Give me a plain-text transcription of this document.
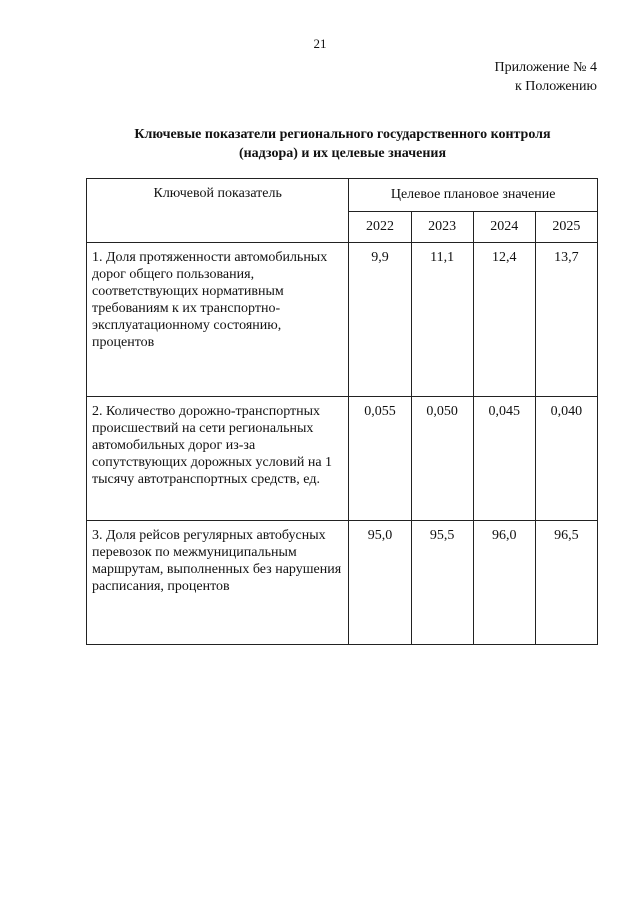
21
Приложение № 4
к Положению
Ключевые показатели регионального государственного контроля
(надзора) и их целевые значения
Ключевой показатель	Целевое плановое значение			
	2022	2023	2024	2025
1. Доля протяженности автомобильных дорог общего пользования, соответствующих нормативным требованиям к их транспортно-эксплуатационному состоянию, процентов	9,9	11,1	12,4	13,7
2. Количество дорожно-транспортных происшествий на сети региональных автомобильных дорог из-за сопутствующих дорожных условий на 1 тысячу автотранспортных средств, ед.	0,055	0,050	0,045	0,040
3. Доля рейсов регулярных автобусных перевозок по межмуниципальным маршрутам, выполненных без нарушения расписания, процентов	95,0	95,5	96,0	96,5
